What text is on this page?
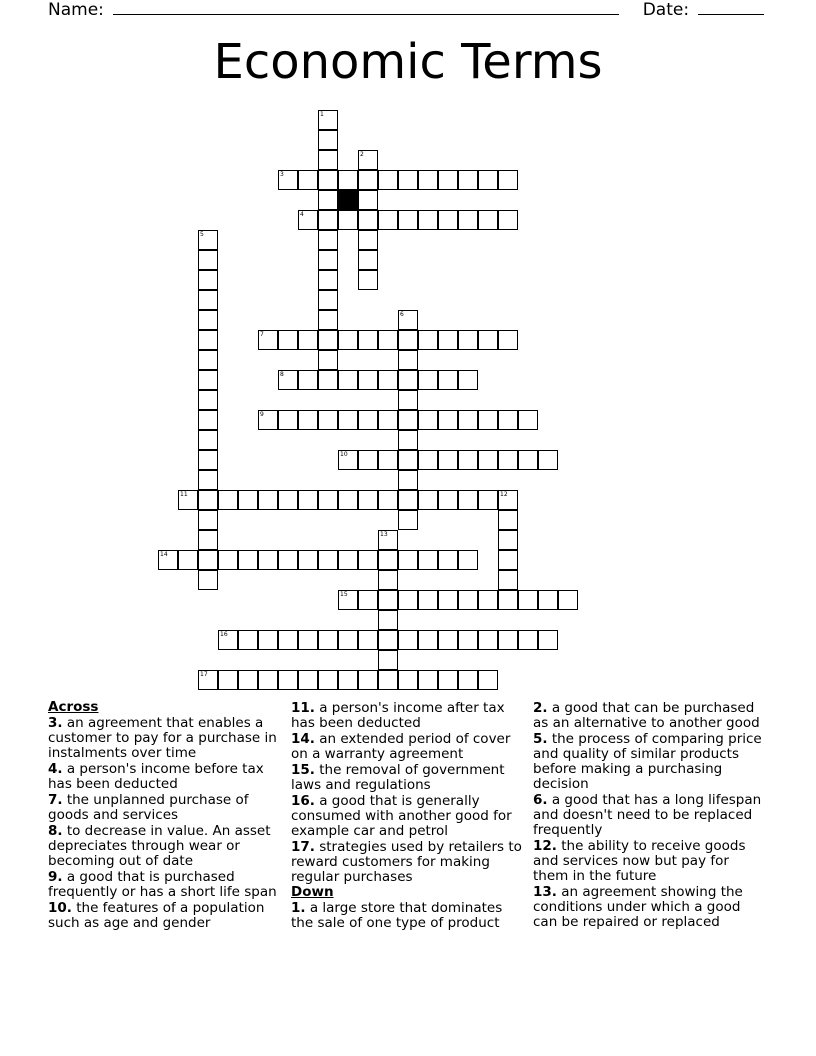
Name:	Date:
Economic Terms
1
2
3
4
5
6
7
8
9
10
11	12
13
14
15
16
17
Across
3. an agreement that enables a customer to pay for a purchase in instalments over time
4. a person's income before tax has been deducted
7. the unplanned purchase of goods and services
8. to decrease in value. An asset depreciates through wear or becoming out of date
9. a good that is purchased frequently or has a short life span
10. the features of a population such as age and gender
11. a person's income after tax has been deducted
14. an extended period of cover on a warranty agreement
15. the removal of government laws and regulations
16. a good that is generally consumed with another good for example car and petrol
17. strategies used by retailers to reward customers for making regular purchases
Down
1. a large store that dominates the sale of one type of product
2. a good that can be purchased as an alternative to another good
5. the process of comparing price and quality of similar products before making a purchasing decision
6. a good that has a long lifespan and doesn't need to be replaced frequently
12. the ability to receive goods and services now but pay for them in the future
13. an agreement showing the conditions under which a good can be repaired or replaced
